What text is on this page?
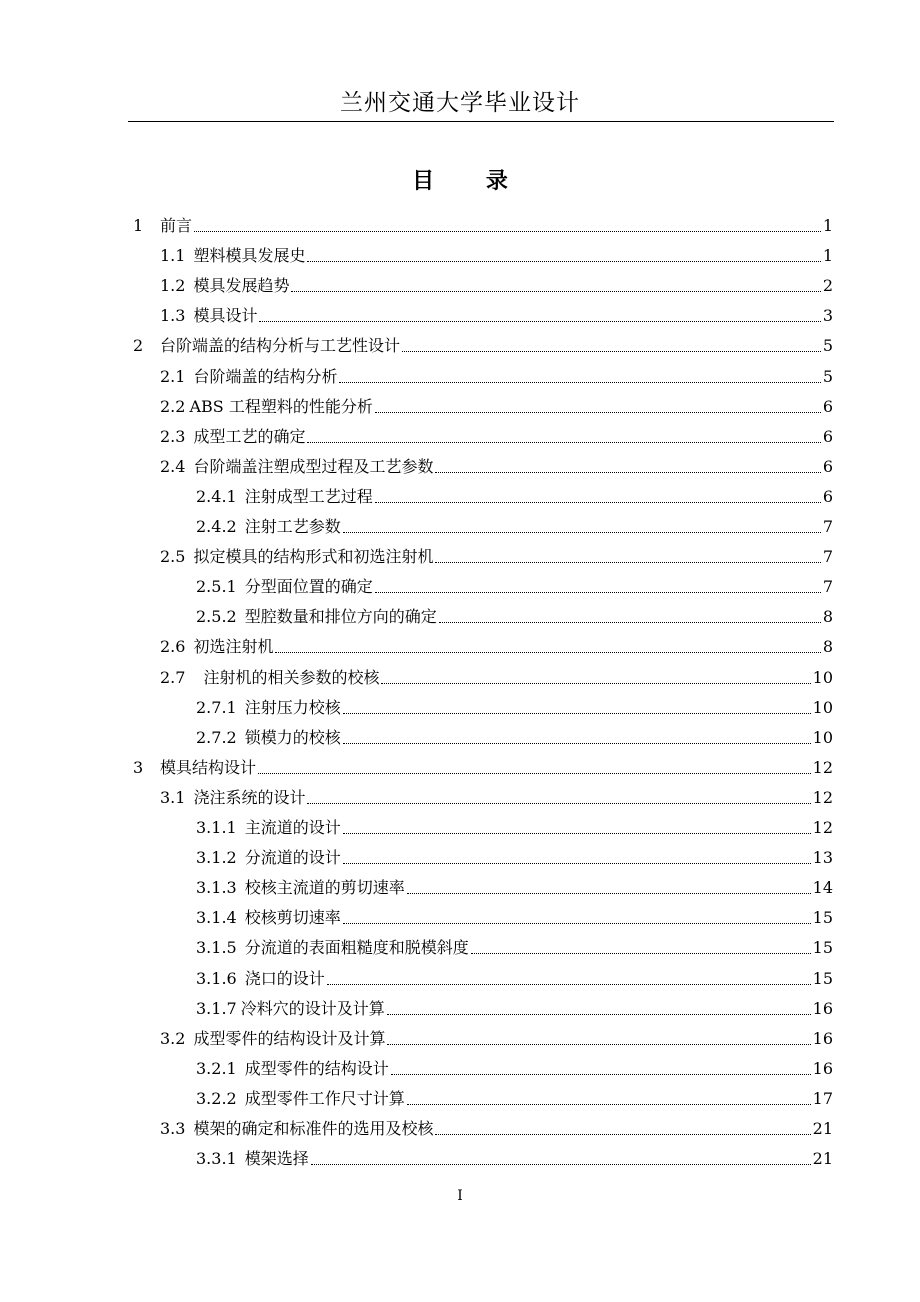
兰州交通大学毕业设计
目 录
1	前言	1
1.1 塑料模具发展史	1
1.2 模具发展趋势	2
1.3 模具设计	3
2	台阶端盖的结构分析与工艺性设计	5
2.1 台阶端盖的结构分析	5
2.2 ABS 工程塑料的性能分析	6
2.3 成型工艺的确定	6
2.4 台阶端盖注塑成型过程及工艺参数	6
2.4.1 注射成型工艺过程	6
2.4.2 注射工艺参数	7
2.5 拟定模具的结构形式和初选注射机	7
2.5.1 分型面位置的确定	7
2.5.2 型腔数量和排位方向的确定	8
2.6 初选注射机	8
2.7 注射机的相关参数的校核	10
2.7.1 注射压力校核	10
2.7.2 锁模力的校核	10
3	模具结构设计	12
3.1 浇注系统的设计	12
3.1.1 主流道的设计	12
3.1.2 分流道的设计	13
3.1.3 校核主流道的剪切速率	14
3.1.4 校核剪切速率	15
3.1.5 分流道的表面粗糙度和脱模斜度	15
3.1.6 浇口的设计	15
3.1.7 冷料穴的设计及计算	16
3.2 成型零件的结构设计及计算	16
3.2.1 成型零件的结构设计	16
3.2.2 成型零件工作尺寸计算	17
3.3 模架的确定和标准件的选用及校核	21
3.3.1 模架选择	21
I
